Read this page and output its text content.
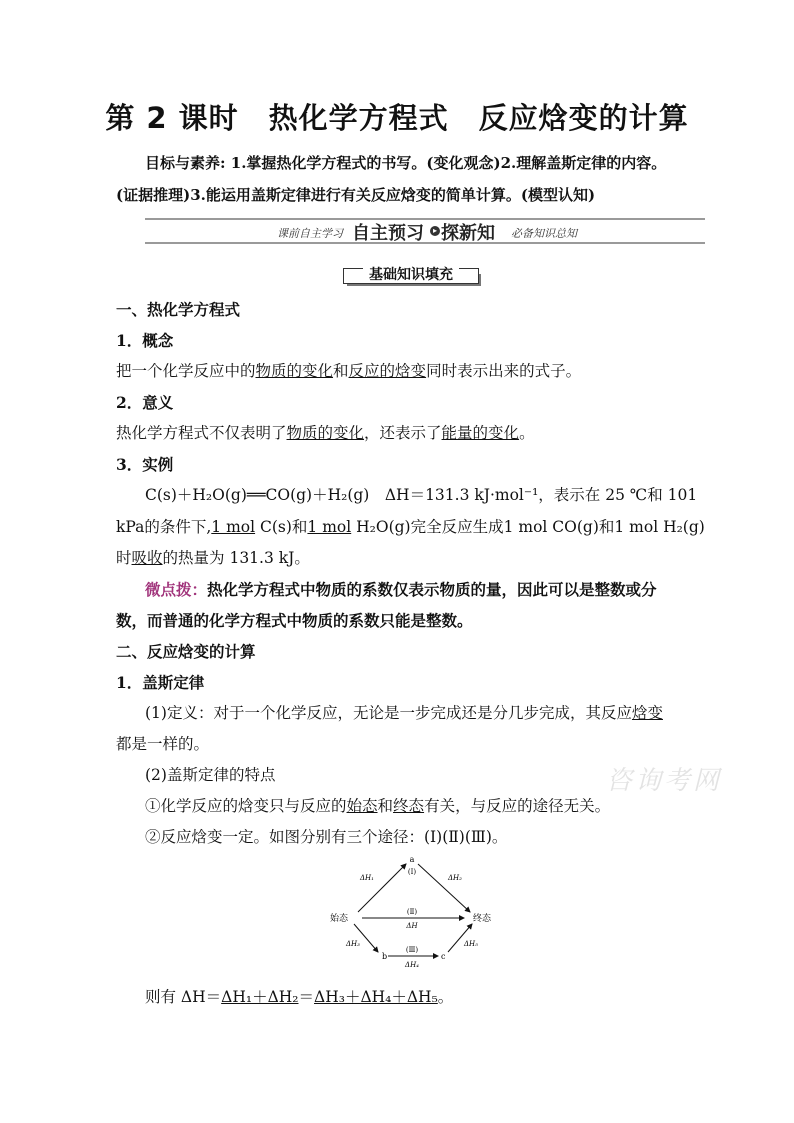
第 2 课时　热化学方程式　反应焓变的计算
目标与素养: 1.掌握热化学方程式的书写。(变化观念)2.理解盖斯定律的内容。
(证据推理)3.能运用盖斯定律进行有关反应焓变的简单计算。(模型认知)
课前自主学习 自主预习	▸ 探新知 必备知识总知
基础知识填充
一、热化学方程式
1．概念
把一个化学反应中的物质的变化和反应的焓变同时表示出来的式子。
2．意义
热化学方程式不仅表明了物质的变化，还表示了能量的变化。
3．实例
C(s)＋H₂O(g)══CO(g)＋H₂(g)　ΔH＝131.3 kJ·mol⁻¹，表示在 25 ℃和 101
kPa的条件下,1 mol C(s)和1 mol H₂O(g)完全反应生成1 mol CO(g)和1 mol H₂(g)
时吸收的热量为 131.3 kJ。
微点拨：热化学方程式中物质的系数仅表示物质的量，因此可以是整数或分
数，而普通的化学方程式中物质的系数只能是整数。
二、反应焓变的计算
1．盖斯定律
(1)定义：对于一个化学反应，无论是一步完成还是分几步完成，其反应焓变
都是一样的。
(2)盖斯定律的特点
①化学反应的焓变只与反应的始态和终态有关，与反应的途径无关。
②反应焓变一定。如图分别有三个途径：(Ⅰ)(Ⅱ)(Ⅲ)。
a
始态	终态
b	c
(Ⅰ)
(Ⅱ)
(Ⅲ)
ΔH
ΔH₁	ΔH₂
ΔH₃
ΔH₄
ΔH₅
则有 ΔH＝ΔH₁＋ΔH₂＝ΔH₃＋ΔH₄＋ΔH₅。
咨询考网
